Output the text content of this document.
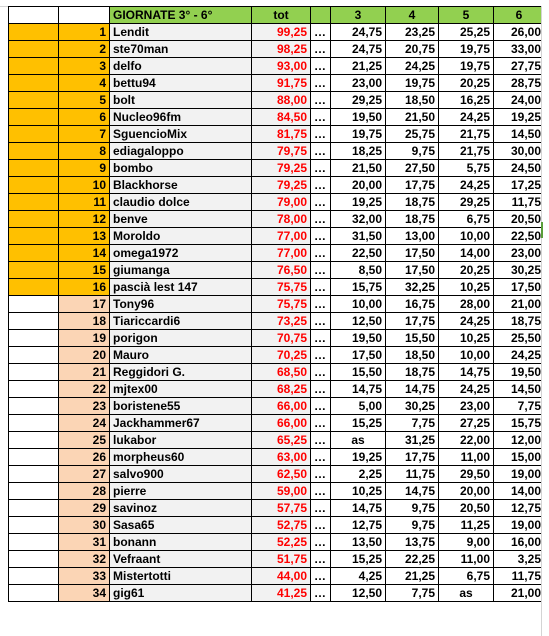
		GIORNATE 3° - 6°	tot		3	4	5	6
	1	Lendit	99,25	…	24,75	23,25	25,25	26,00
	2	ste70man	98,25	…	24,75	20,75	19,75	33,00
	3	delfo	93,00	…	21,25	24,25	19,75	27,75
	4	bettu94	91,75	…	23,00	19,75	20,25	28,75
	5	bolt	88,00	…	29,25	18,50	16,25	24,00
	6	Nucleo96fm	84,50	…	19,50	21,50	24,25	19,25
	7	SguencioMix	81,75	…	19,75	25,75	21,75	14,50
	8	ediagaloppo	79,75	…	18,25	9,75	21,75	30,00
	9	bombo	79,25	…	21,50	27,50	5,75	24,50
	10	Blackhorse	79,25	…	20,00	17,75	24,25	17,25
	11	claudio dolce	79,00	…	19,25	18,75	29,25	11,75
	12	benve	78,00	…	32,00	18,75	6,75	20,50
	13	Moroldo	77,00	…	31,50	13,00	10,00	22,50
	14	omega1972	77,00	…	22,50	17,50	14,00	23,00
	15	giumanga	76,50	…	8,50	17,50	20,25	30,25
	16	pascià lest 147	75,75	…	15,75	32,25	10,25	17,50
	17	Tony96	75,75	…	10,00	16,75	28,00	21,00
	18	Tiariccardi6	73,25	…	12,50	17,75	24,25	18,75
	19	porigon	70,75	…	19,50	15,50	10,25	25,50
	20	Mauro	70,25	…	17,50	18,50	10,00	24,25
	21	Reggidori G.	68,50	…	15,50	18,75	14,75	19,50
	22	mjtex00	68,25	…	14,75	14,75	24,25	14,50
	23	boristene55	66,00	…	5,00	30,25	23,00	7,75
	24	Jackhammer67	66,00	…	15,25	7,75	27,25	15,75
	25	lukabor	65,25	…	as	31,25	22,00	12,00
	26	morpheus60	63,00	…	19,25	17,75	11,00	15,00
	27	salvo900	62,50	…	2,25	11,75	29,50	19,00
	28	pierre	59,00	…	10,25	14,75	20,00	14,00
	29	savinoz	57,75	…	14,75	9,75	20,50	12,75
	30	Sasa65	52,75	…	12,75	9,75	11,25	19,00
	31	bonann	52,25	…	13,50	13,75	9,00	16,00
	32	Vefraant	51,75	…	15,25	22,25	11,00	3,25
	33	Mistertotti	44,00	…	4,25	21,25	6,75	11,75
	34	gig61	41,25	…	12,50	7,75	as	21,00
